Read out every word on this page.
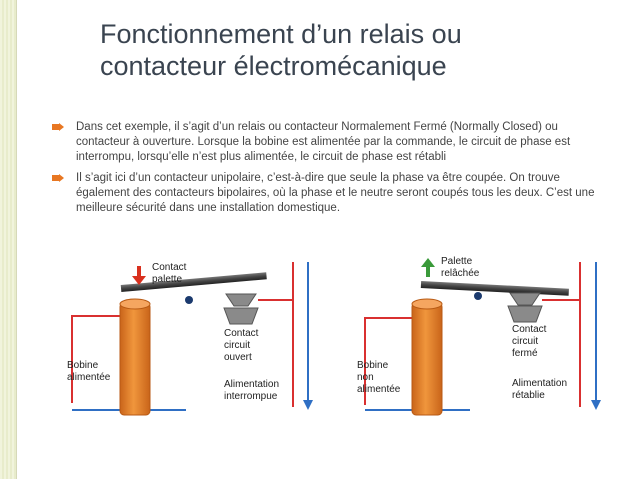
Fonctionnement d’un relais ou
contacteur électromécanique
Dans cet exemple, il s’agit d’un relais ou contacteur Normalement Fermé (Normally Closed) ou contacteur à ouverture. Lorsque la bobine est alimentée par la commande, le circuit de phase est interrompu, lorsqu’elle n’est plus alimentée, le circuit de phase est rétabli
Il s’agit ici d’un contacteur unipolaire, c’est-à-dire que seule la phase va être coupée. On trouve également des contacteurs bipolaires, où la phase et le neutre seront coupés tous les deux. C’est une meilleure sécurité dans une installation domestique.
Contact
palette
Bobine
alimentée
Contact
circuit
ouvert
Alimentation
interrompue
Palette
relâchée
Bobine
non
alimentée
Contact
circuit
fermé
Alimentation
rétablie
